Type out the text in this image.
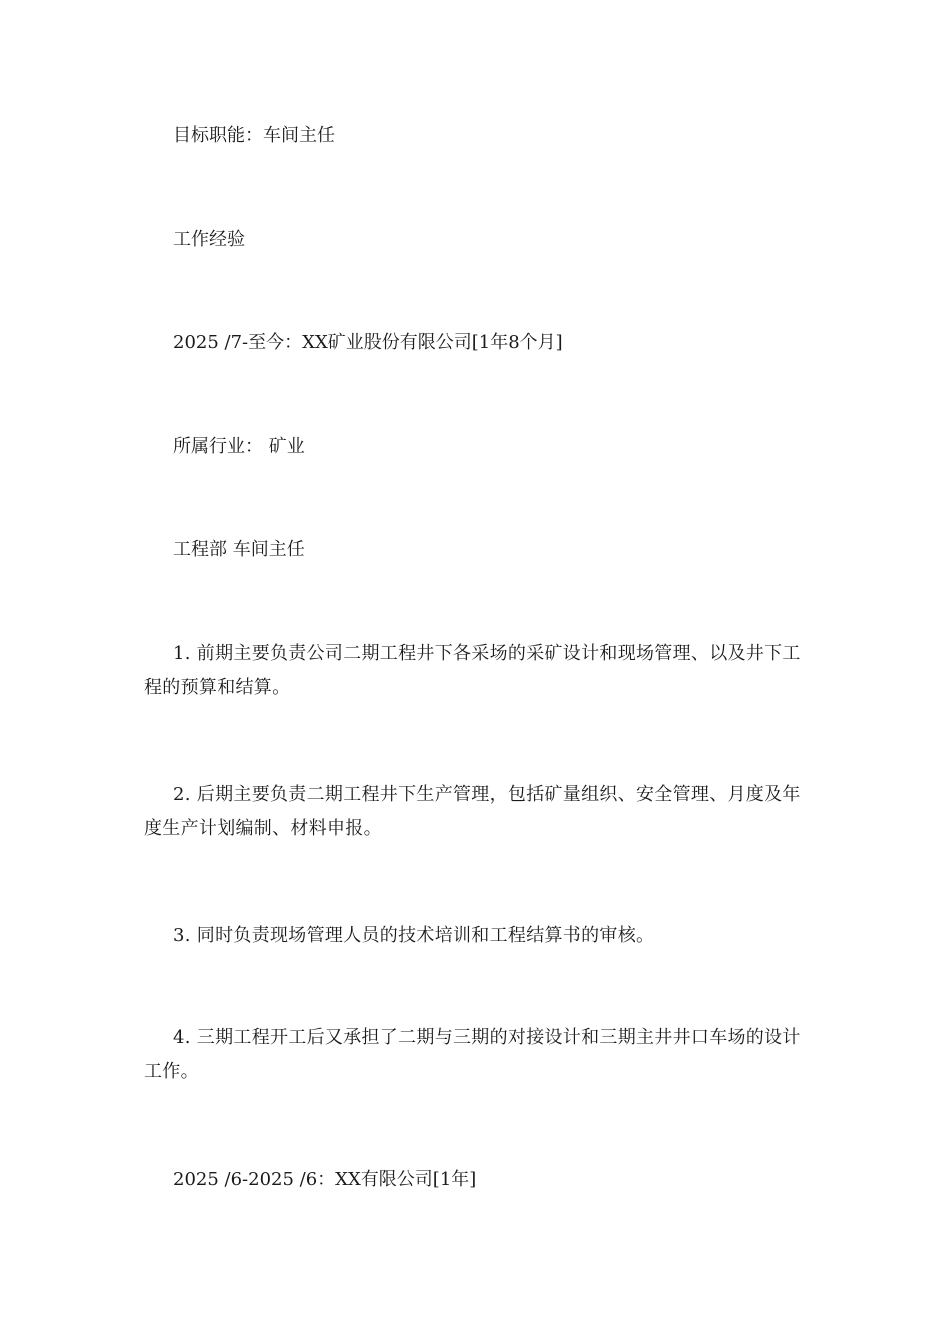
目标职能：车间主任
工作经验
2025 /7-至今：XX矿业股份有限公司[1年8个月]
所属行业： 矿业
工程部 车间主任
1. 前期主要负责公司二期工程井下各采场的采矿设计和现场管理、以及井下工程的预算和结算。
2. 后期主要负责二期工程井下生产管理，包括矿量组织、安全管理、月度及年度生产计划编制、材料申报。
3. 同时负责现场管理人员的技术培训和工程结算书的审核。
4. 三期工程开工后又承担了二期与三期的对接设计和三期主井井口车场的设计工作。
2025 /6-2025 /6：XX有限公司[1年]
